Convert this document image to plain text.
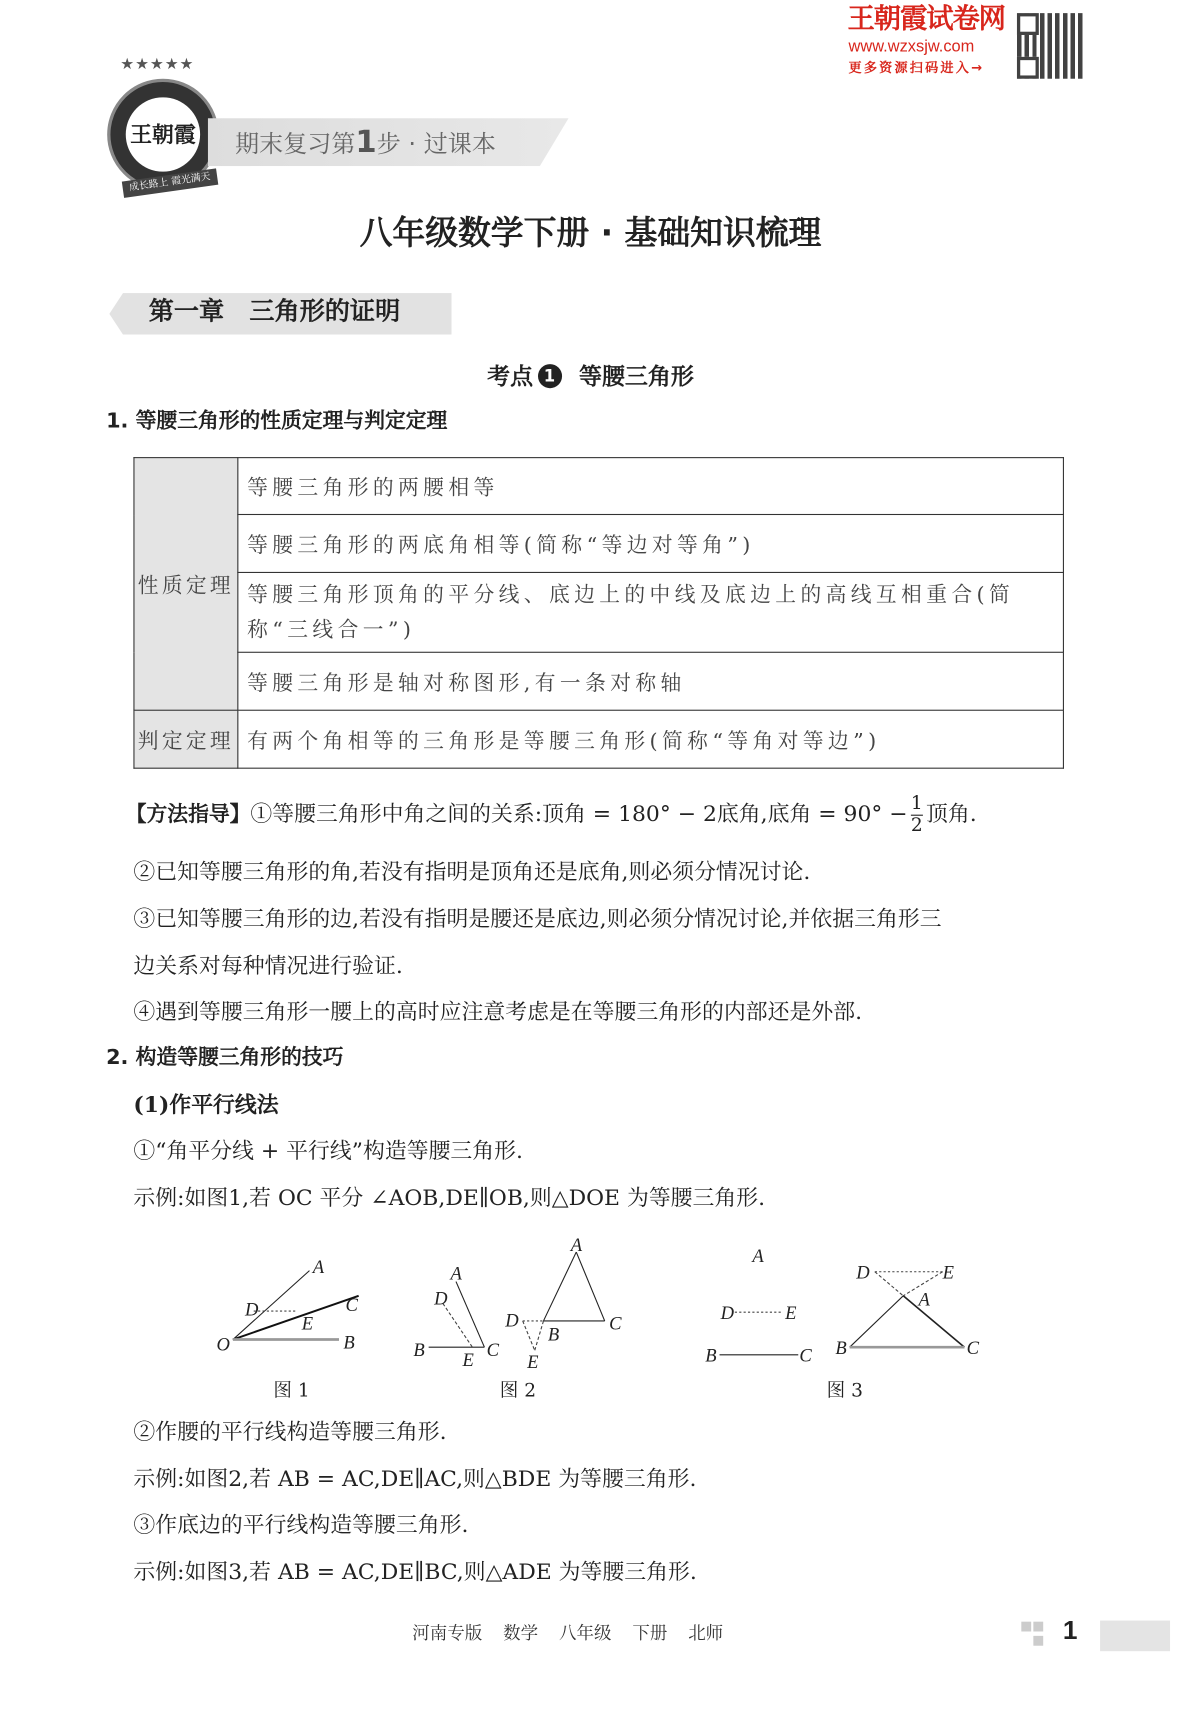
王朝霞试卷网
www.wzxsjw.com
更多资源扫码进入→
王朝霞
★★★★★
成长路上 霞光满天
期末复习第1步 · 过课本
八年级数学下册 · 基础知识梳理
第一章　三角形的证明
考点 1 等腰三角形
1. 等腰三角形的性质定理与判定定理
性质定理	等腰三角形的两腰相等
	等腰三角形的两底角相等(简称“等边对等角”)
	等腰三角形顶角的平分线、底边上的中线及底边上的高线互相重合(简称“三线合一”)
	等腰三角形是轴对称图形,有一条对称轴
判定定理	有两个角相等的三角形是等腰三角形(简称“等角对等边”)
【方法指导】①等腰三角形中角之间的关系:顶角 = 180° − 2底角,底角 = $90^\circ - \frac{1}{2}$ 顶角.
②已知等腰三角形的角,若没有指明是顶角还是底角,则必须分情况讨论.
③已知等腰三角形的边,若没有指明是腰还是底边,则必须分情况讨论,并依据三角形三
边关系对每种情况进行验证.
④遇到等腰三角形一腰上的高时应注意考虑是在等腰三角形的内部还是外部.
2. 构造等腰三角形的技巧
(1)作平行线法
①“角平分线 + 平行线”构造等腰三角形.
示例:如图1,若 OC 平分 ∠AOB,DE∥OB,则△DOE 为等腰三角形.
A
C
D
E
O	B
A
D
B E C
A
D
B
C
E
A
D	E
B	C
D	E
A
B	C
图 1	图 2	图 3
②作腰的平行线构造等腰三角形.
示例:如图2,若 AB = AC,DE∥AC,则△BDE 为等腰三角形.
③作底边的平行线构造等腰三角形.
示例:如图3,若 AB = AC,DE∥BC,则△ADE 为等腰三角形.
河南专版 数学 八年级 下册 北师	1
